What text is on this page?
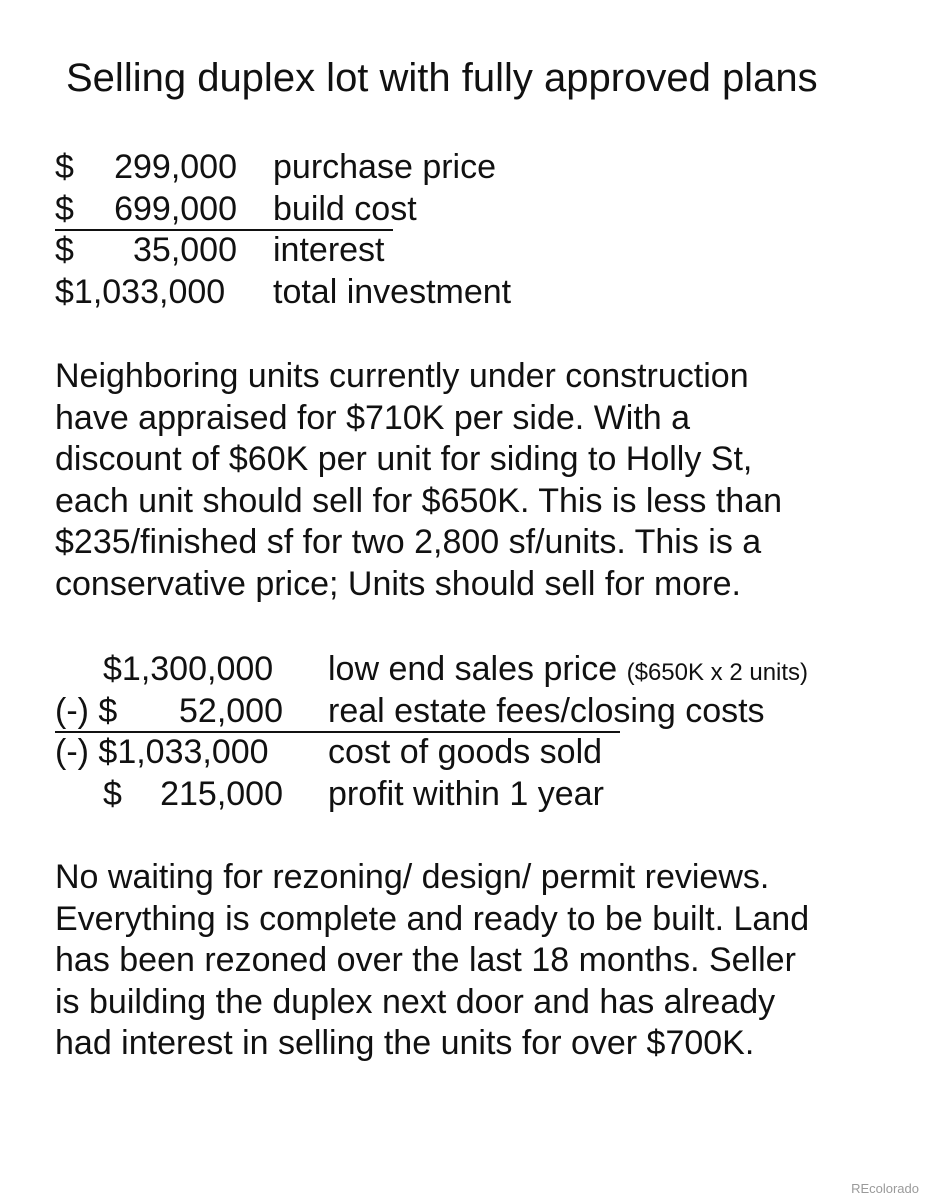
Selling duplex lot with fully approved plans
$	299,000 purchase price
$	699,000 build cost
$	35,000 interest
$1,033,000 total investment
Neighboring units currently under construction
have appraised for $710K per side. With a
discount of $60K per unit for siding to Holly St,
each unit should sell for $650K. This is less than
$235/finished sf for two 2,800 sf/units. This is a
conservative price; Units should sell for more.
$1,300,000 low end sales price ($650K x 2 units)
(-) $	52,000 real estate fees/closing costs
(-) $1,033,000 cost of goods sold
$	215,000 profit within 1 year
No waiting for rezoning/ design/ permit reviews.
Everything is complete and ready to be built. Land
has been rezoned over the last 18 months. Seller
is building the duplex next door and has already
had interest in selling the units for over $700K.
REcolorado
